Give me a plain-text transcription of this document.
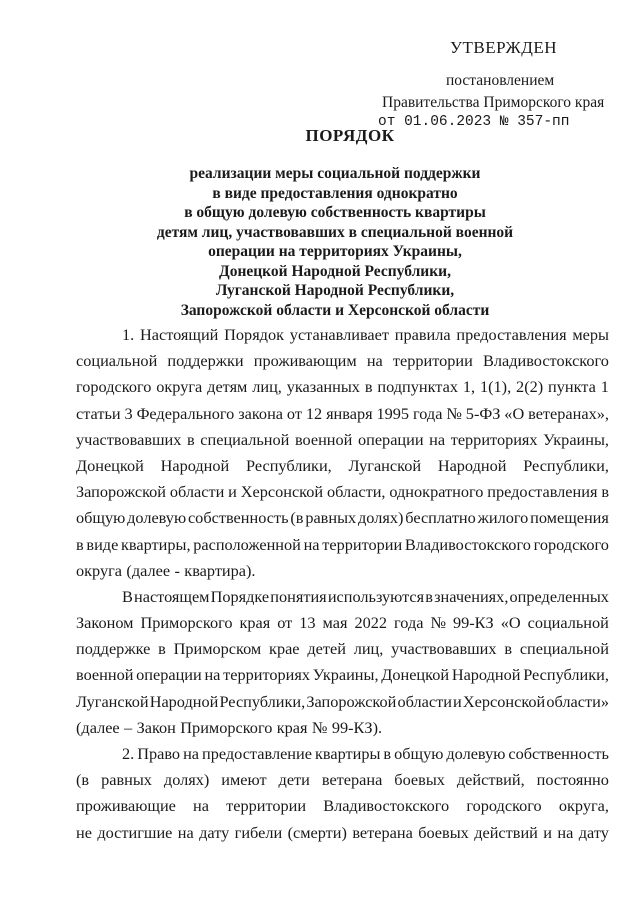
УТВЕРЖДЕН
постановлением
Правительства Приморского края
от 01.06.2023 № 357-пп
ПОРЯДОК
реализации меры социальной поддержки
в виде предоставления однократно
в общую долевую собственность квартиры
детям лиц, участвовавших в специальной военной
операции на территориях Украины,
Донецкой Народной Республики,
Луганской Народной Республики,
Запорожской области и Херсонской области
1. Настоящий Порядок устанавливает правила предоставления меры
социальной поддержки проживающим на территории Владивостокского
городского округа детям лиц, указанных в подпунктах 1, 1(1), 2(2) пункта 1
статьи 3 Федерального закона от 12 января 1995 года № 5-ФЗ «О ветеранах»,
участвовавших в специальной военной операции на территориях Украины,
Донецкой Народной Республики, Луганской Народной Республики,
Запорожской области и Херсонской области, однократного предоставления в
общую долевую собственность (в равных долях) бесплатно жилого помещения
в виде квартиры, расположенной на территории Владивостокского городского
округа (далее - квартира).
В настоящем Порядке понятия используются в значениях, определенных
Законом Приморского края от 13 мая 2022 года № 99-КЗ «О социальной
поддержке в Приморском крае детей лиц, участвовавших в специальной
военной операции на территориях Украины, Донецкой Народной Республики,
Луганской Народной Республики, Запорожской области и Херсонской области»
(далее – Закон Приморского края № 99-КЗ).
2. Право на предоставление квартиры в общую долевую собственность
(в равных долях) имеют дети ветерана боевых действий, постоянно
проживающие на территории Владивостокского городского округа,
не достигшие на дату гибели (смерти) ветерана боевых действий и на дату
